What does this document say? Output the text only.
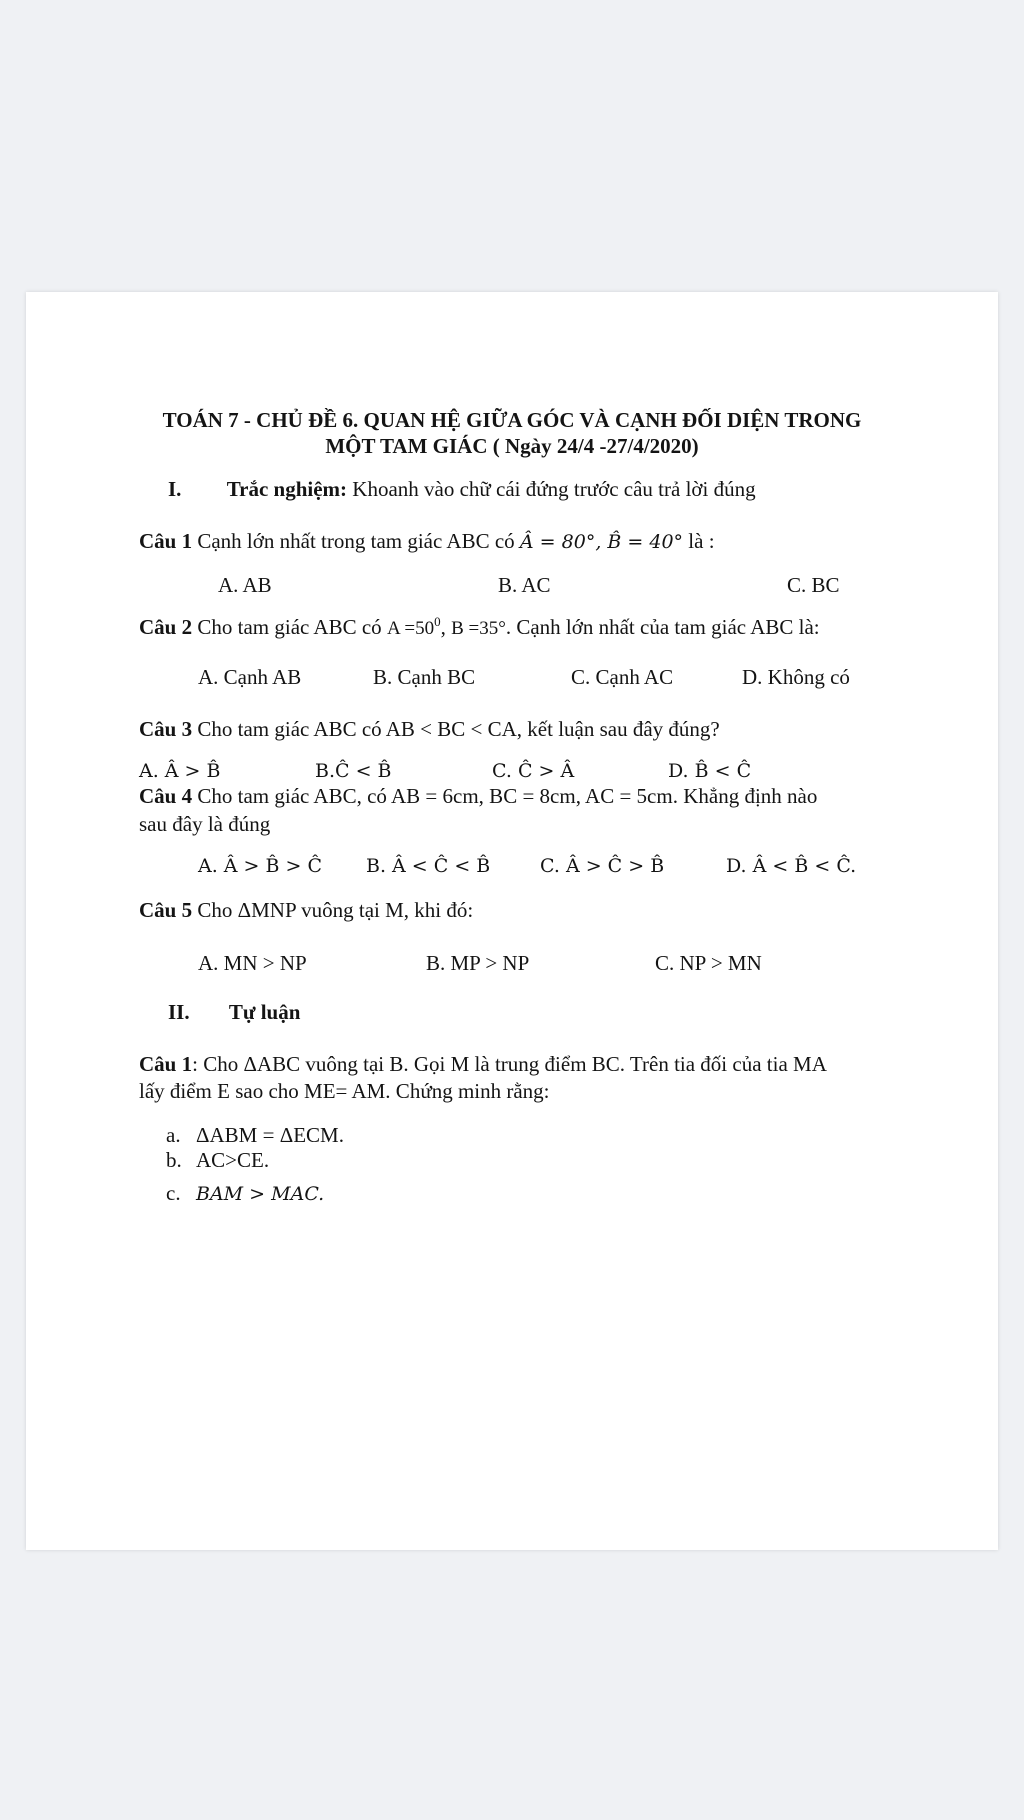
TOÁN 7 - CHỦ ĐỀ 6. QUAN HỆ GIỮA GÓC VÀ CẠNH ĐỐI DIỆN TRONG
MỘT TAM GIÁC ( Ngày 24/4 -27/4/2020)
I. Trắc nghiệm: Khoanh vào chữ cái đứng trước câu trả lời đúng
Câu 1 Cạnh lớn nhất trong tam giác ABC có Â = 80°, B̂ = 40° là :
A. AB	B. AC	C. BC
Câu 2 Cho tam giác ABC có $A =50^0$, B =35°. Cạnh lớn nhất của tam giác ABC là:
A. Cạnh AB	B. Cạnh BC	C. Cạnh AC	D. Không có
Câu 3 Cho tam giác ABC có AB < BC < CA, kết luận sau đây đúng?
A. Â > B̂	B.Ĉ < B̂	C. Ĉ > Â	D. B̂ < Ĉ
Câu 4 Cho tam giác ABC, có AB = 6cm, BC = 8cm, AC = 5cm. Khẳng định nào
sau đây là đúng
A. Â > B̂ > Ĉ B. Â < Ĉ < B̂	C. Â > Ĉ > B̂	D. Â < B̂ < Ĉ.
Câu 5 Cho ΔMNP vuông tại M, khi đó:
A. MN > NP	B. MP > NP	C. NP > MN
II. Tự luận
Câu 1: Cho ΔABC vuông tại B. Gọi M là trung điểm BC. Trên tia đối của tia MA
lấy điểm E sao cho ME= AM. Chứng minh rằng:
a. ΔABM = ΔECM.
b. AC>CE.
c. BAM > MAC.
